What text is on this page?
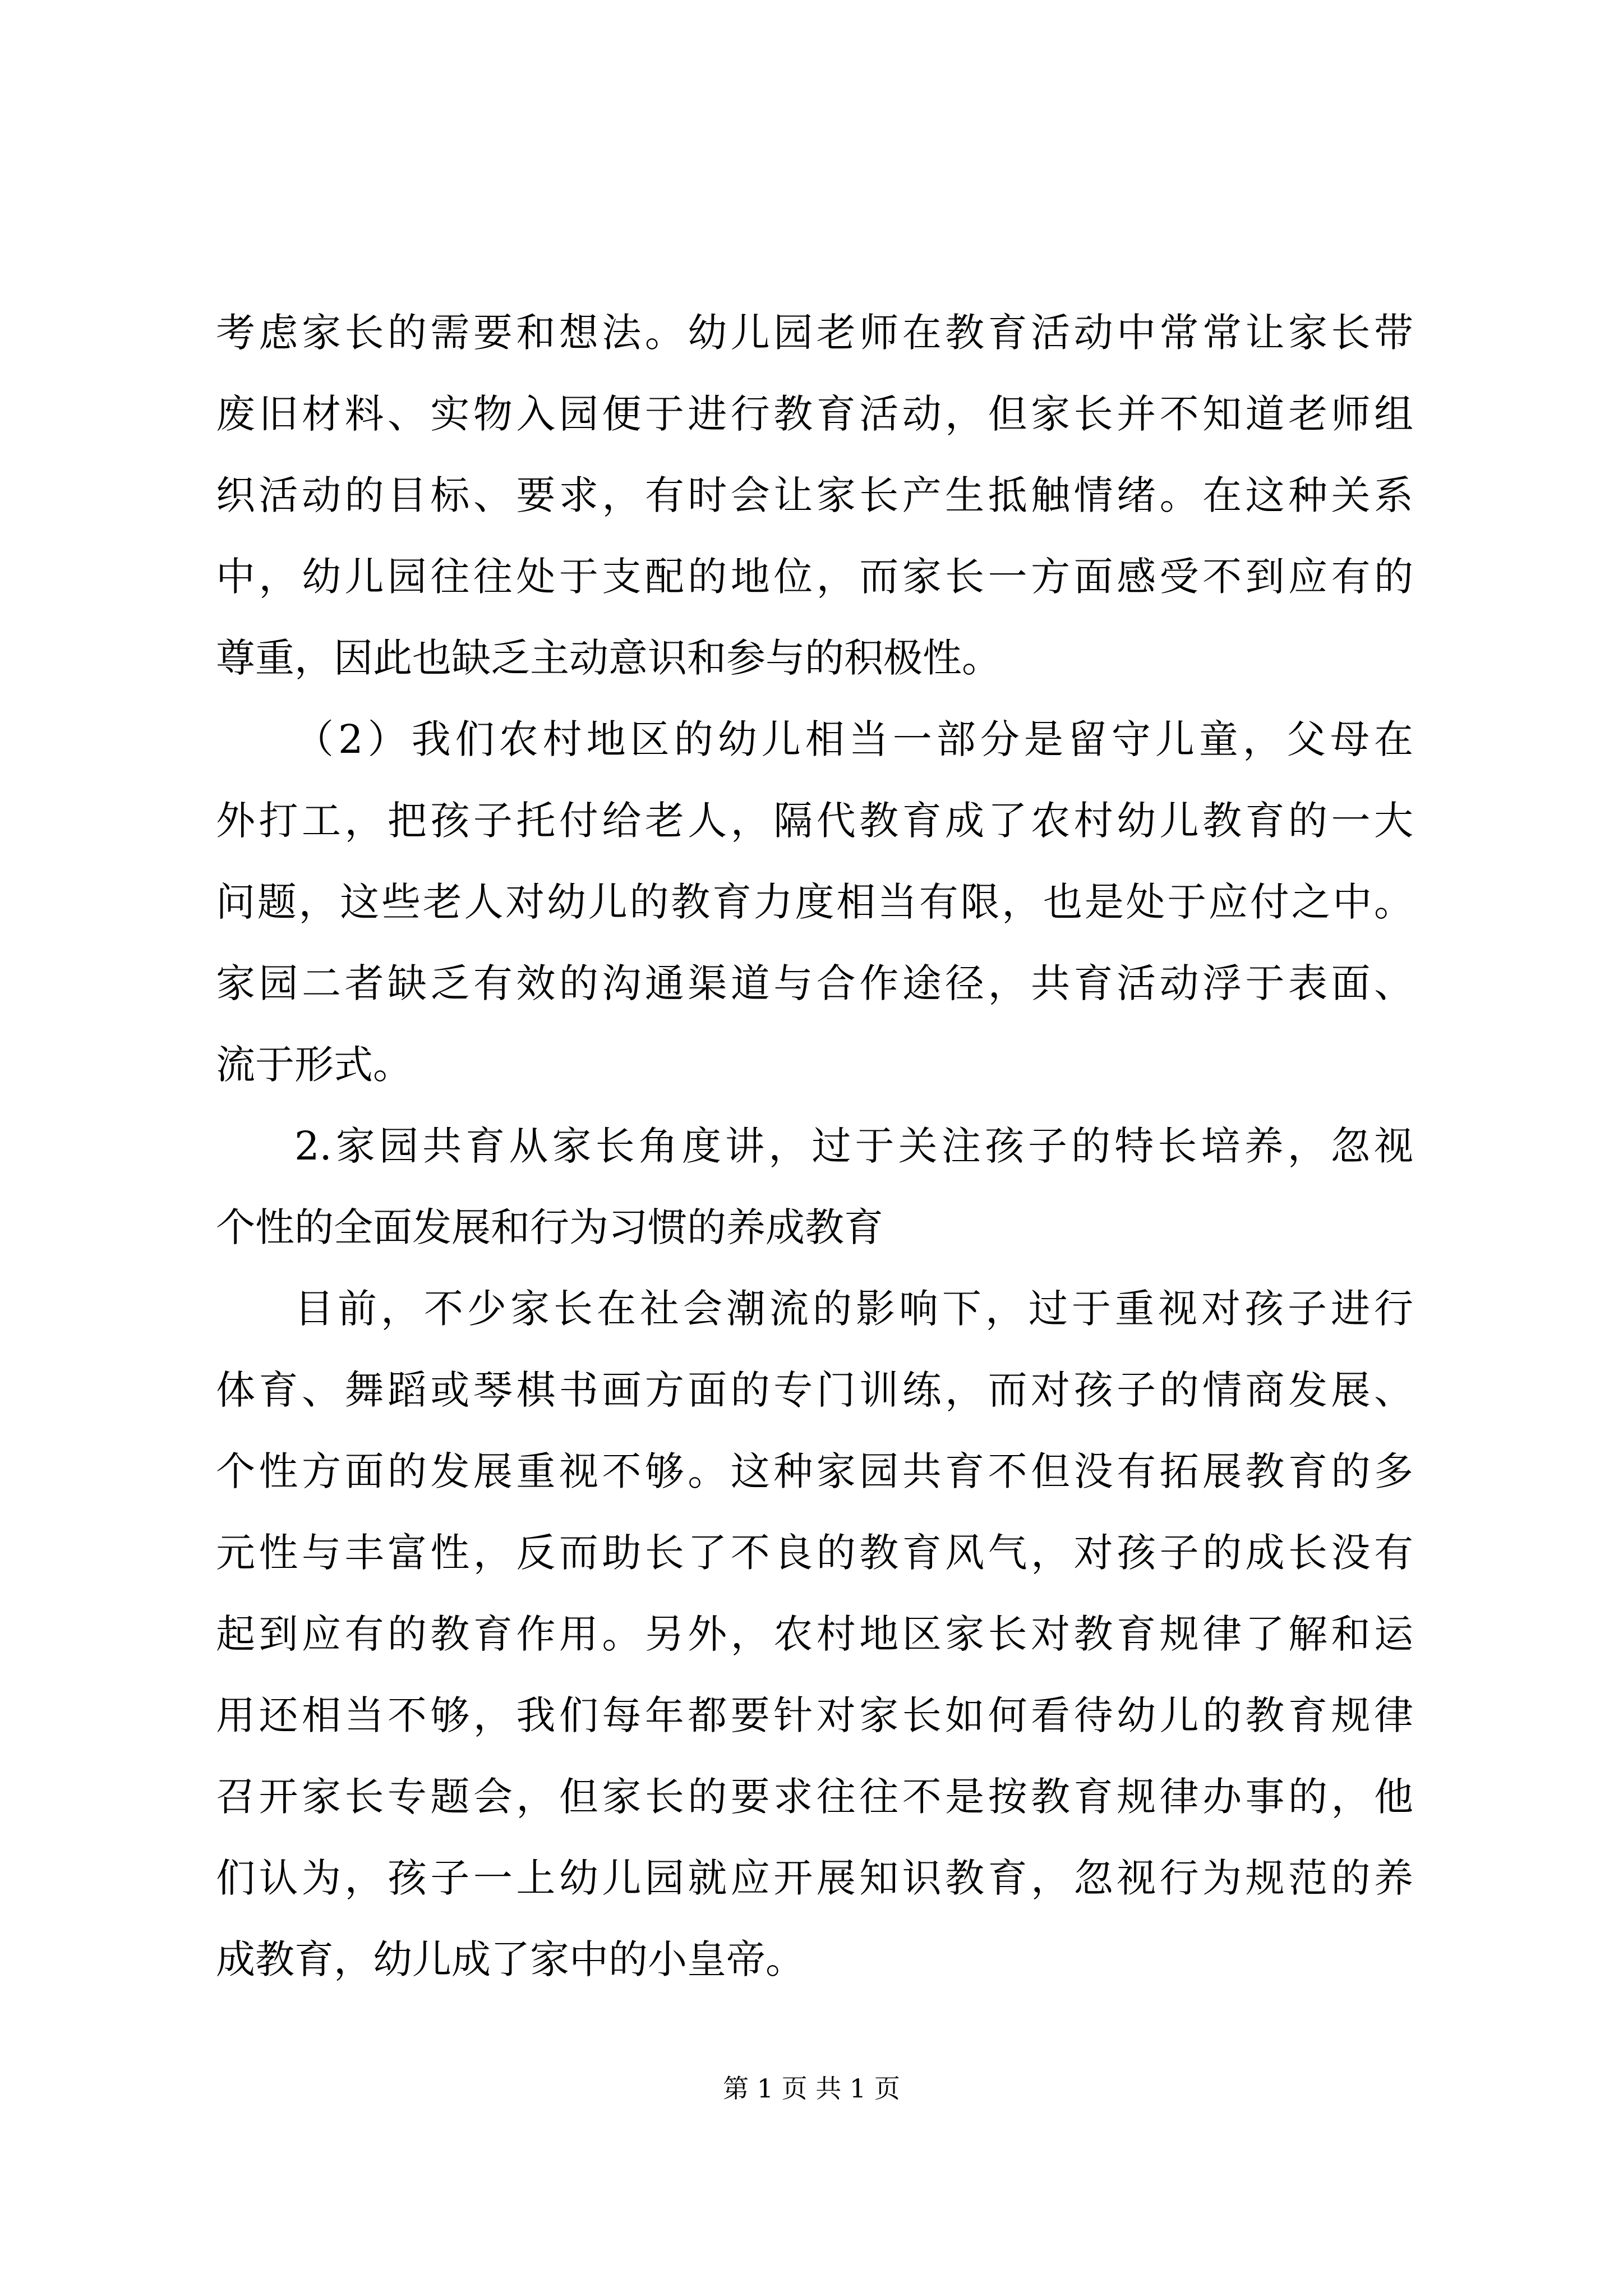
考虑家长的需要和想法。幼儿园老师在教育活动中常常让家长带
废旧材料、实物入园便于进行教育活动，但家长并不知道老师组
织活动的目标、要求，有时会让家长产生抵触情绪。在这种关系
中，幼儿园往往处于支配的地位，而家长一方面感受不到应有的
尊重，因此也缺乏主动意识和参与的积极性。
（2）我们农村地区的幼儿相当一部分是留守儿童，父母在
外打工，把孩子托付给老人，隔代教育成了农村幼儿教育的一大
问题，这些老人对幼儿的教育力度相当有限，也是处于应付之中。
家园二者缺乏有效的沟通渠道与合作途径，共育活动浮于表面、
流于形式。
2.家园共育从家长角度讲，过于关注孩子的特长培养，忽视
个性的全面发展和行为习惯的养成教育
目前，不少家长在社会潮流的影响下，过于重视对孩子进行
体育、舞蹈或琴棋书画方面的专门训练，而对孩子的情商发展、
个性方面的发展重视不够。这种家园共育不但没有拓展教育的多
元性与丰富性，反而助长了不良的教育风气，对孩子的成长没有
起到应有的教育作用。另外，农村地区家长对教育规律了解和运
用还相当不够，我们每年都要针对家长如何看待幼儿的教育规律
召开家长专题会，但家长的要求往往不是按教育规律办事的，他
们认为，孩子一上幼儿园就应开展知识教育，忽视行为规范的养
成教育，幼儿成了家中的小皇帝。
第 1 页 共 1 页
